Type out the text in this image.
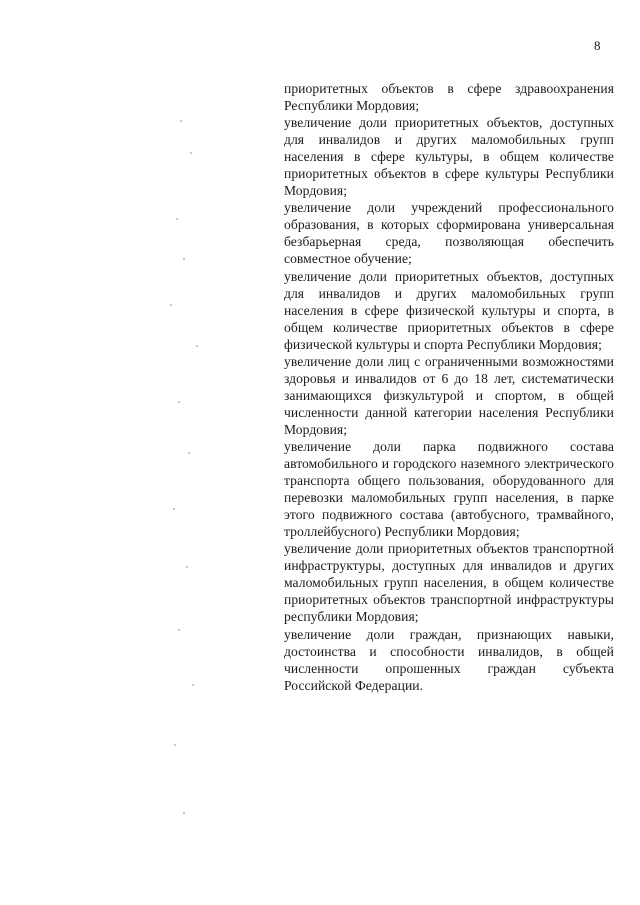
8

приоритетных объектов в сфере здравоохранения Республики Мордовия;

увеличение доли приоритетных объектов, доступных для инвалидов и других маломобильных групп населения в сфере культуры, в общем количестве приоритетных объектов в сфере культуры Республики Мордовия;

увеличение доли учреждений профессионального образования, в которых сформирована универсальная безбарьерная среда, позволяющая обеспечить совместное обучение;

увеличение доли приоритетных объектов, доступных для инвалидов и других маломобильных групп населения в сфере физической культуры и спорта, в общем количестве приоритетных объектов в сфере физической культуры и спорта Республики Мордовия;

увеличение доли лиц с ограниченными возможностями здоровья и инвалидов от 6 до 18 лет, систематически занимающихся физкультурой и спортом, в общей численности данной категории населения Республики Мордовия;

увеличение доли парка подвижного состава автомобильного и городского наземного электрического транспорта общего пользования, оборудованного для перевозки маломобильных групп населения, в парке этого подвижного состава (автобусного, трамвайного, троллейбусного) Республики Мордовия;

увеличение доли приоритетных объектов транспортной инфраструктуры, доступных для инвалидов и других маломобильных групп населения, в общем количестве приоритетных объектов транспортной инфраструктуры республики Мордовия;

увеличение доли граждан, признающих навыки, достоинства и способности инвалидов, в общей численности опрошенных граждан субъекта Российской Федерации.
